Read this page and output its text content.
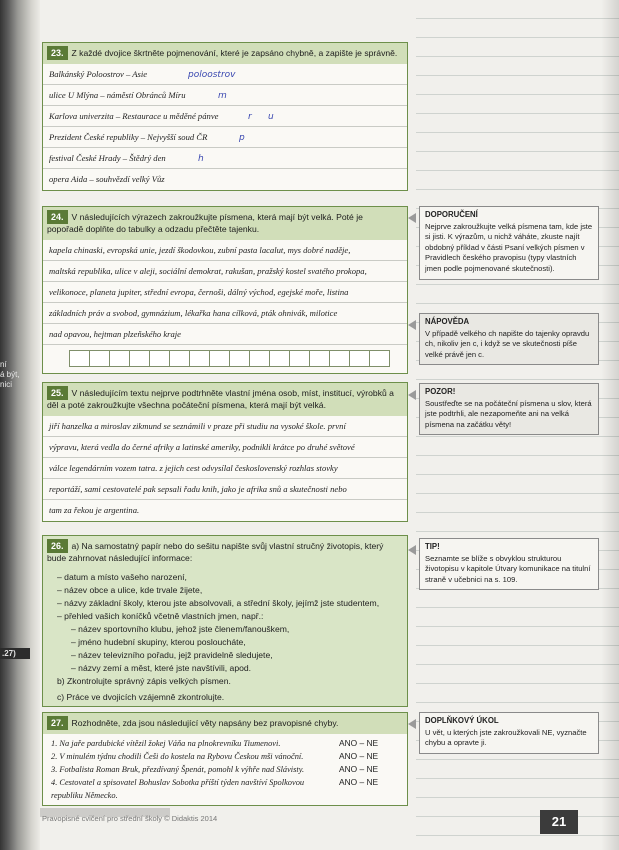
ní
á být,
nici
.27)
23. Z každé dvojice škrtněte pojmenování, které je zapsáno chybně, a zapište je správně.
Balkánský Poloostrov – Asie	poloostrov
ulice U Mlýna – náměstí Obránců Míru	m
Karlova univerzita – Restaurace u měděné pánve	r u
Prezident České republiky – Nejvyšší soud ČR	p
festival České Hrady – Štědrý den	h
opera Aida – souhvězdí velký Vůz
24. V následujících výrazech zakroužkujte písmena, která mají být velká. Poté je popořadě doplňte do tabulky a odzadu přečtěte tajenku.
kapela chinaski, evropská unie, jezdí škodovkou, zubní pasta lacalut, mys dobré naděje,
maltská republika, ulice v aleji, sociální demokrat, rakušan, pražský kostel svatého prokopa,
velikonoce, planeta jupiter, střední evropa, černoši, dálný východ, egejské moře, listina
základních práv a svobod, gymnázium, lékařka hana cílková, pták ohnivák, milotice
nad opavou, hejtman plzeňského kraje
25. V následujícím textu nejprve podtrhněte vlastní jména osob, míst, institucí, výrobků a děl a poté zakroužkujte všechna počáteční písmena, která mají být velká.
jiří hanzelka a miroslav zikmund se seznámili v praze při studiu na vysoké škole. první
výpravu, která vedla do černé afriky a latinské ameriky, podnikli krátce po druhé světové
válce legendárním vozem tatra. z jejich cest odvysílal československý rozhlas stovky
reportáží, sami cestovatelé pak sepsali řadu knih, jako je afrika snů a skutečnosti nebo
tam za řekou je argentina.
26. a) Na samostatný papír nebo do sešitu napište svůj vlastní stručný životopis, který bude zahrnovat následující informace:
– datum a místo vašeho narození,
– název obce a ulice, kde trvale žijete,
– názvy základní školy, kterou jste absolvovali, a střední školy, jejímž jste studentem,
– přehled vašich koníčků včetně vlastních jmen, např.:
– název sportovního klubu, jehož jste členem/fanouškem,
– jméno hudební skupiny, kterou posloucháte,
– název televizního pořadu, jejž pravidelně sledujete,
– názvy zemí a měst, které jste navštívili, apod.
b) Zkontrolujte správný zápis velkých písmen.
c) Práce ve dvojicích vzájemně zkontrolujte.
27. Rozhodněte, zda jsou následující věty napsány bez pravopisné chyby.
1. Na jaře pardubické vítězil žokej Váňa na plnokrevníku Tiumenovi.	ANO – NE
2. V minulém týdnu chodili Češi do kostela na Rybovu Českou mši vánoční.	ANO – NE
3. Fotbalista Roman Bruk, přezdívaný Špenát, pomohl k výhře nad Slávisty.	ANO – NE
4. Cestovatel a spisovatel Bohuslav Sobotka příští týden navštíví Spolkovou	ANO – NE
republiku Německo.
DOPORUČENÍ
Nejprve zakroužkujte velká písmena tam, kde jste si jisti. K výrazům, u nichž váháte, zkuste najít obdobný příklad v části Psaní velkých písmen v Pravidlech českého pravopisu (typy vlastních jmen podle pojmenované skutečnosti).
NÁPOVĚDA
V případě velkého ch napište do tajenky opravdu ch, nikoliv jen c, i když se ve skutečnosti píše velké právě jen c.
POZOR!
Soustřeďte se na počáteční písmena u slov, která jste podtrhli, ale nezapomeňte ani na velká písmena na začátku věty!
TIP!
Seznamte se blíže s obvyklou strukturou životopisu v kapitole Útvary komunikace na titulní straně v učebnici na s. 109.
DOPLŇKOVÝ ÚKOL
U vět, u kterých jste zakroužkovali NE, vyznačte chybu a opravte ji.
Pravopisné cvičení pro střední školy © Didaktis 2014	21
